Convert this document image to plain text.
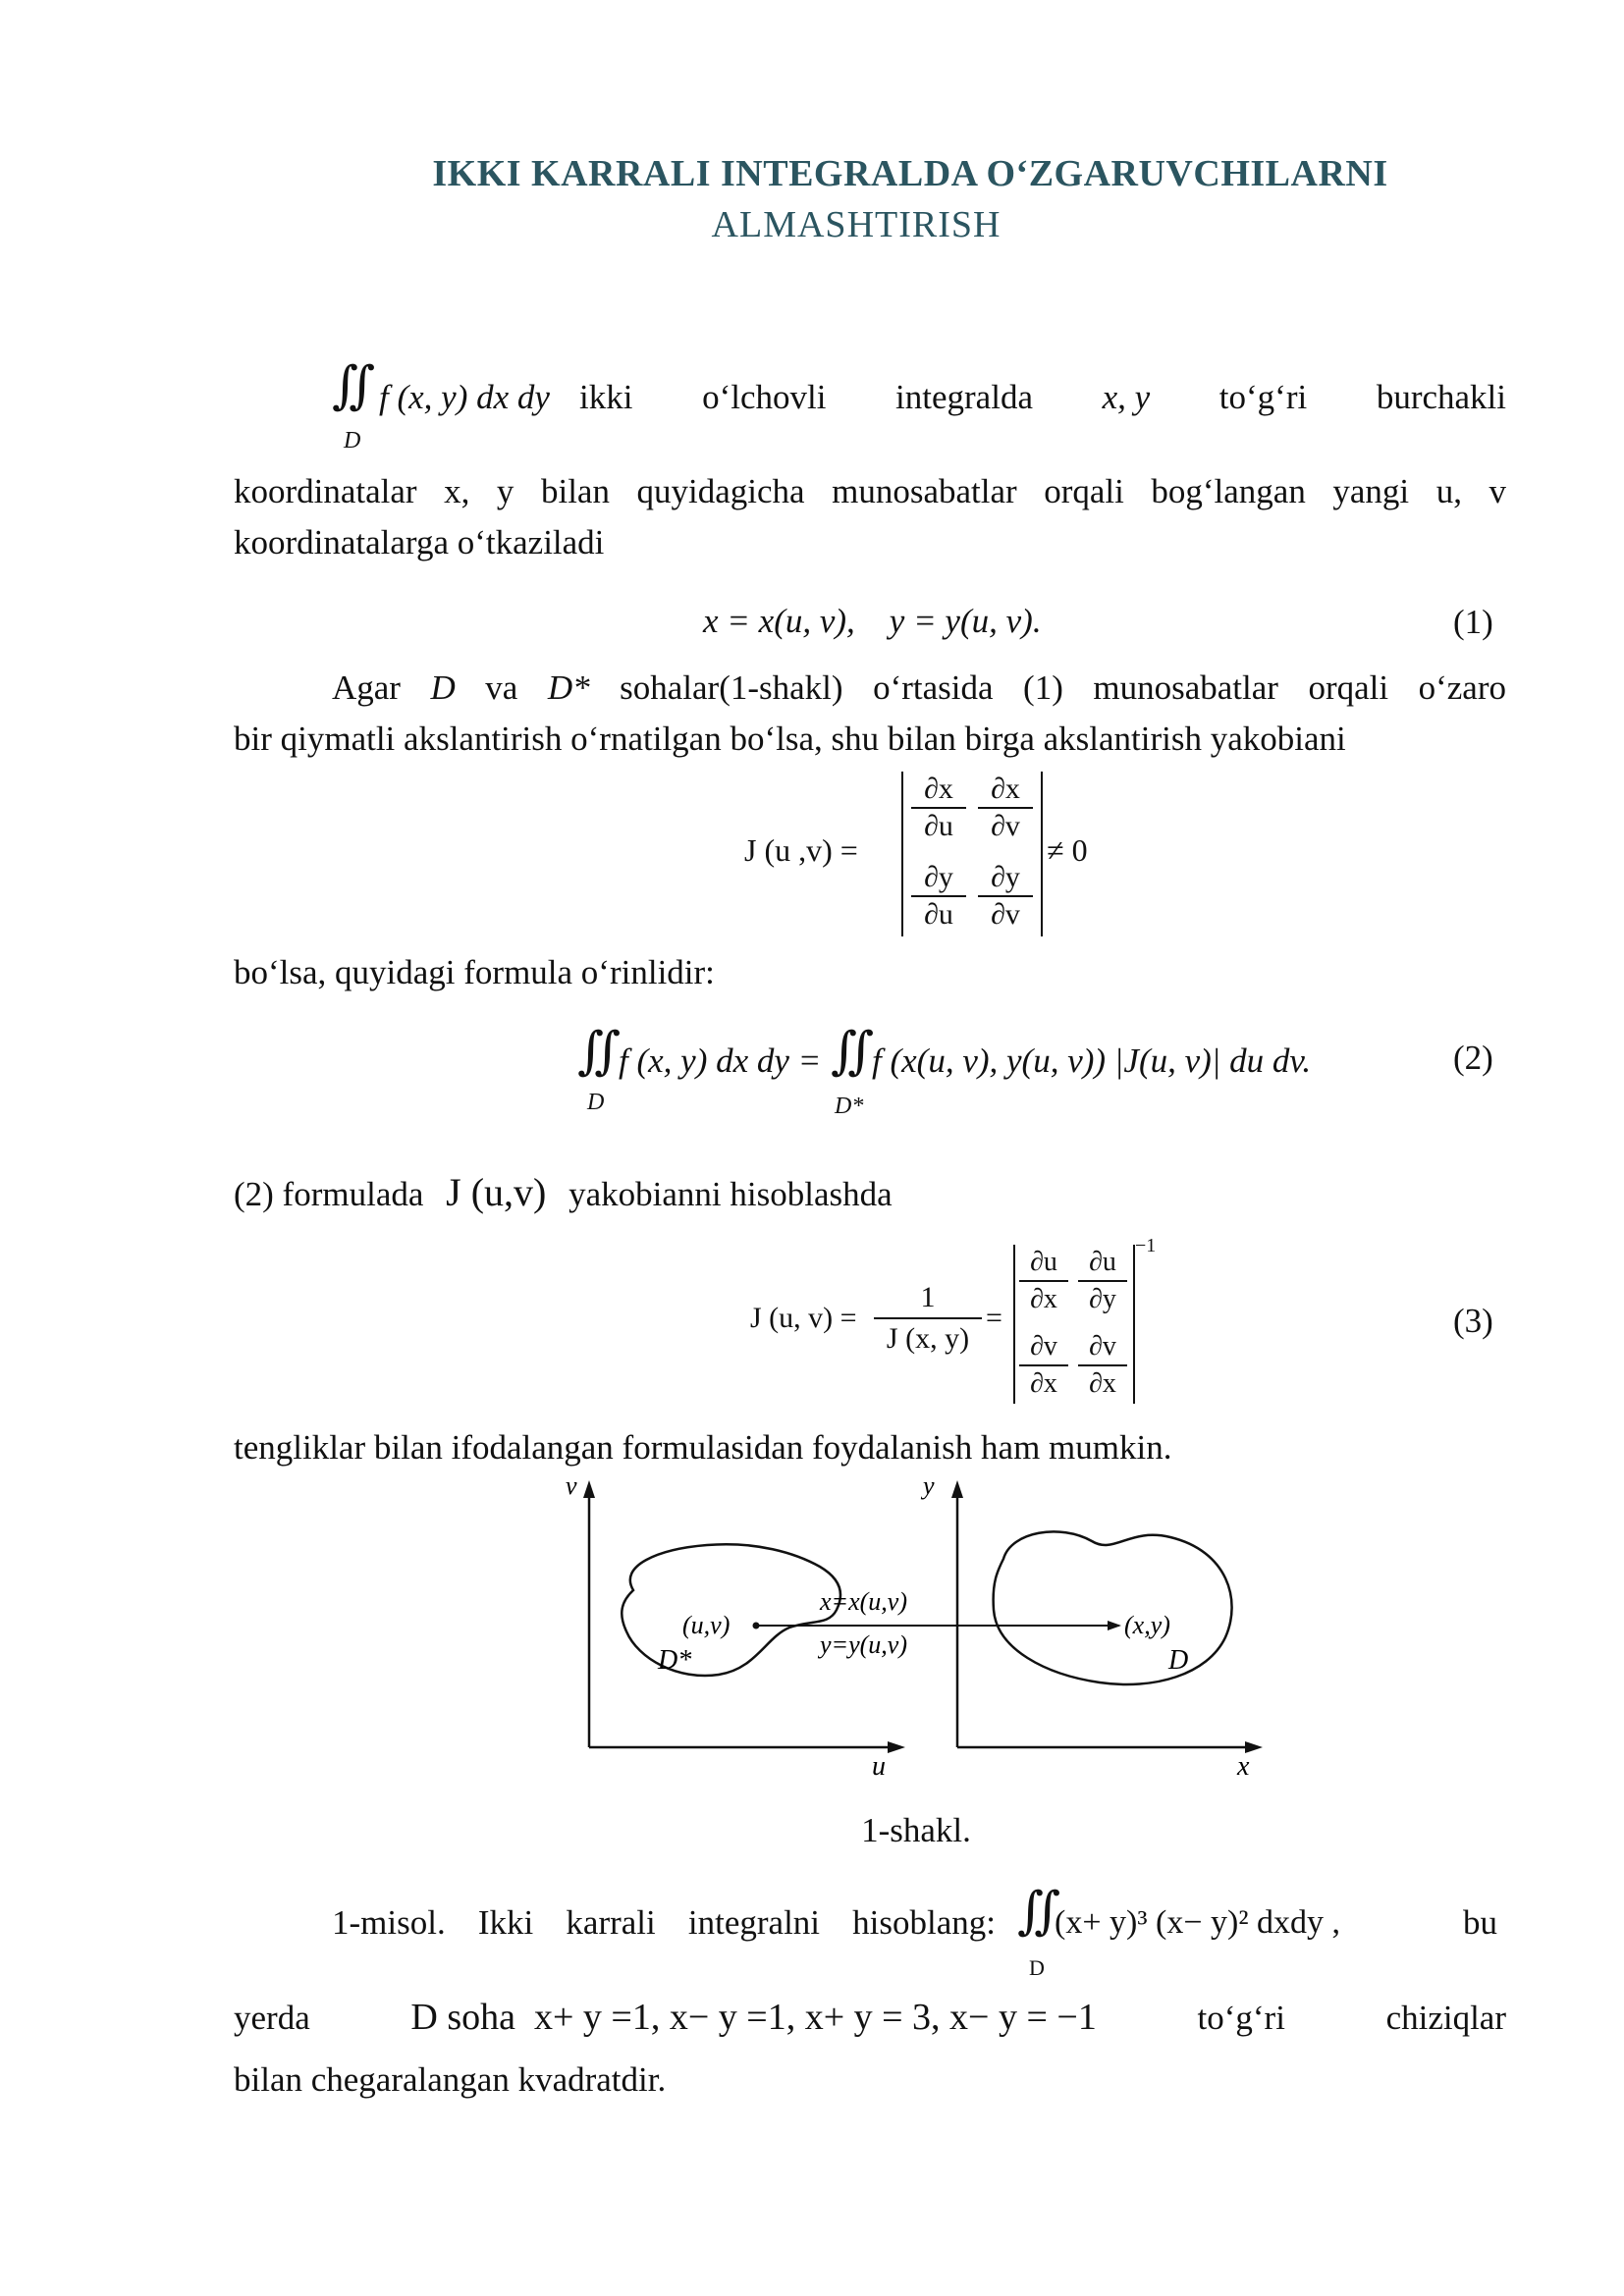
IKKI KARRALI INTEGRALDA O‘ZGARUVCHILARNI
ALMASHTIRISH
∬
D
f (x, y) dx dy ikki o‘lchovli integralda x, y to‘g‘ri burchakli
koordinatalar x, y bilan quyidagicha munosabatlar orqali bog‘langan yangi u, v
koordinatalarga o‘tkaziladi
x = x(u, v),    y = y(u, v).	(1)
Agar D va D* sohalar(1-shakl) o‘rtasida (1) munosabatlar orqali o‘zaro
bir qiymatli akslantirish o‘rnatilgan bo‘lsa, shu bilan birga akslantirish yakobiani
J (u ,v) =
$\frac{\partial x}{\partial u} \frac{\partial x}{\partial v}$
$\frac{\partial y}{\partial u} \frac{\partial y}{\partial v}$
≠ 0
bo‘lsa, quyidagi formula o‘rinlidir:
∬
D
f (x, y) dx dy = ∬
D*
f (x(u, v), y(u, v)) |J(u, v)| du dv.	(2)
(2) formulada J (u,v) yakobianni hisoblashda
J (u, $v) = \frac{1}{J (x, y)}$ =
$\frac{\partial u}{\partial x} \frac{\partial u}{\partial y}$
$\frac{\partial v}{\partial x} \frac{\partial v}{\partial x}$
−1
(3)
tengliklar bilan ifodalangan formulasidan foydalanish ham mumkin.
v
u
y
x
(u,v)
D*
x=x(u,v)
y=y(u,v)
(x,y)
D
1-shakl.
1-misol. Ikki karrali integralni hisoblang: ∬
D
(x+ y)³ (x− y)² dxdy ,	bu
yerda	D soha  x+ y =1, x− y =1, x+ y = 3, x− y = −1	to‘g‘ri	chiziqlar
bilan chegaralangan kvadratdir.
